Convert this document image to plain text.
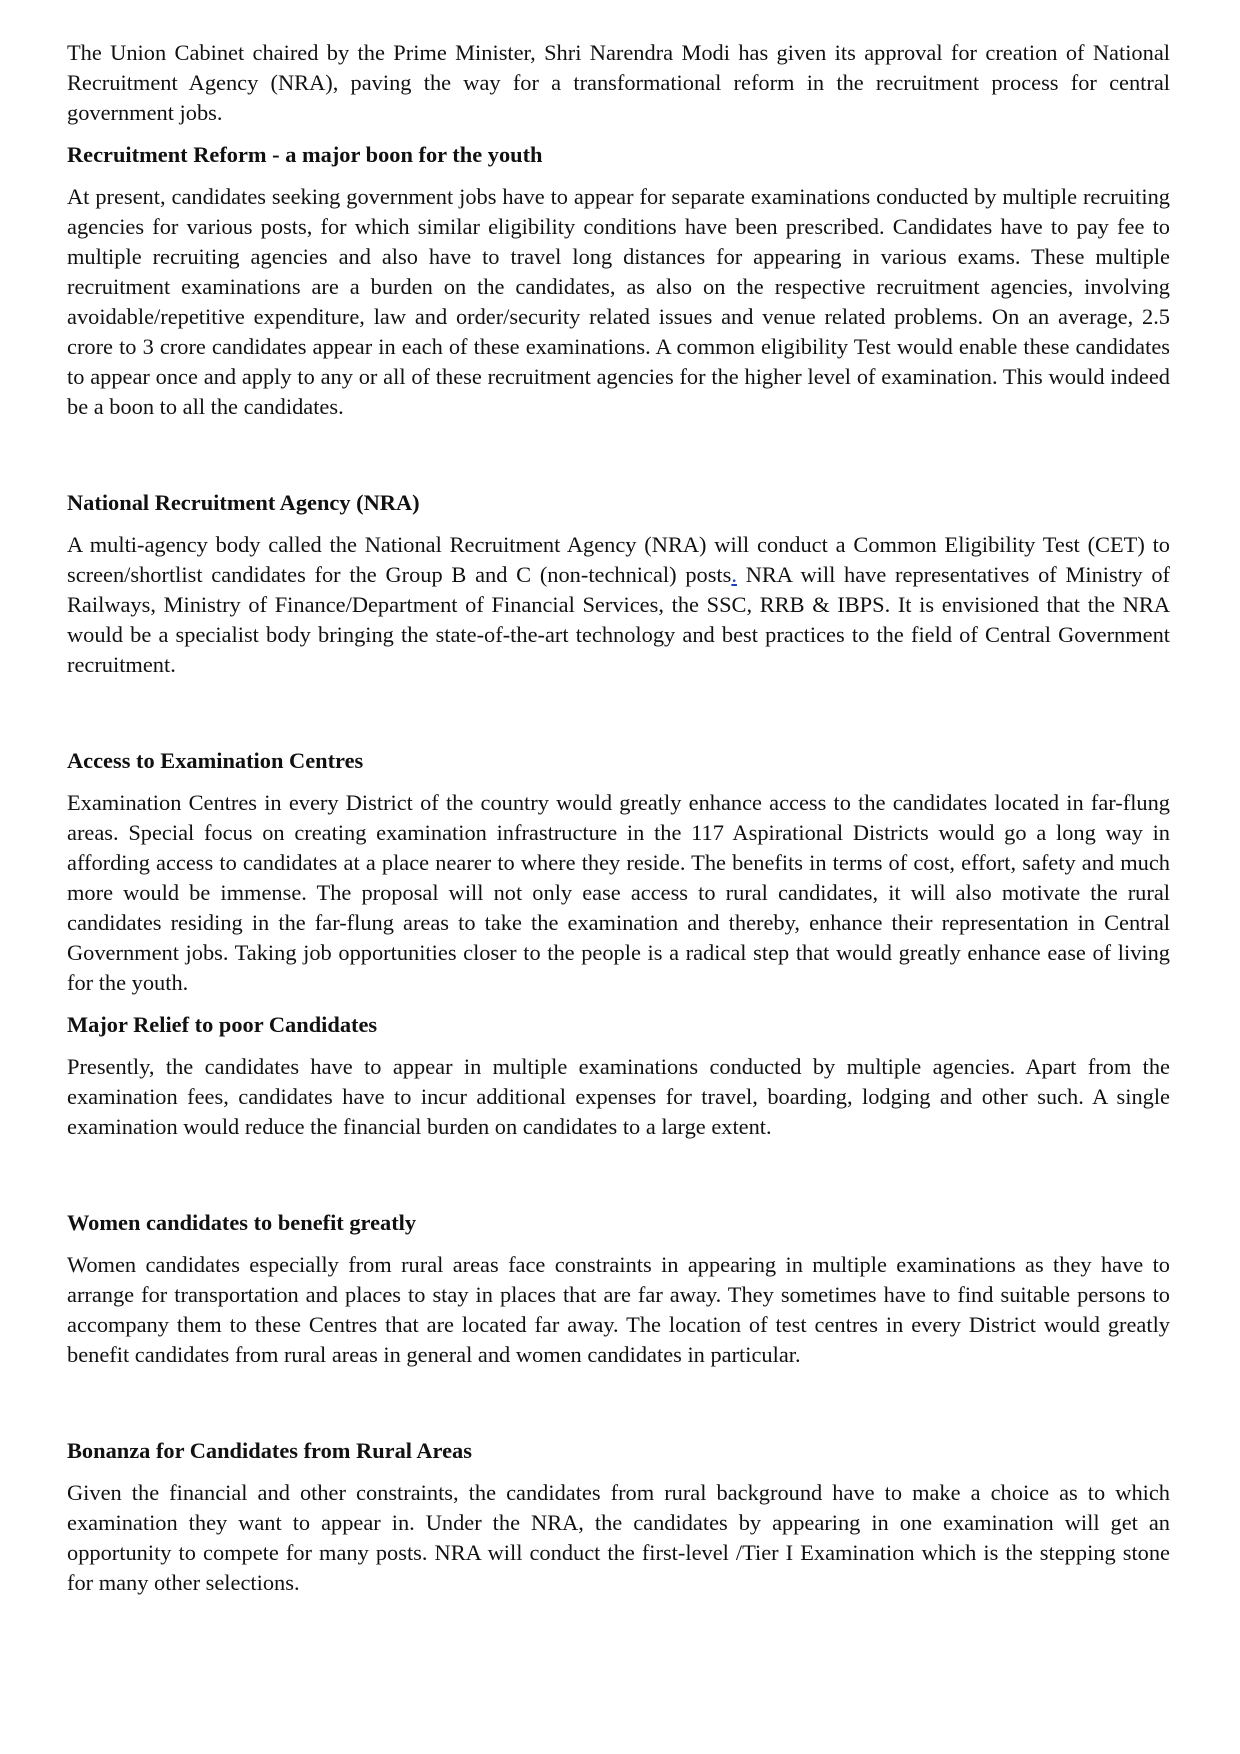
The Union Cabinet chaired by the Prime Minister, Shri Narendra Modi has given its approval for creation of National Recruitment Agency (NRA), paving the way for a transformational reform in the recruitment process for central government jobs.

Recruitment Reform - a major boon for the youth

At present, candidates seeking government jobs have to appear for separate examinations conducted by multiple recruiting agencies for various posts, for which similar eligibility conditions have been prescribed. Candidates have to pay fee to multiple recruiting agencies and also have to travel long distances for appearing in various exams. These multiple recruitment examinations are a burden on the candidates, as also on the respective recruitment agencies, involving avoidable/repetitive expenditure, law and order/security related issues and venue related problems. On an average, 2.5 crore to 3 crore candidates appear in each of these examinations. A common eligibility Test would enable these candidates to appear once and apply to any or all of these recruitment agencies for the higher level of examination. This would indeed be a boon to all the candidates.

National Recruitment Agency (NRA)

A multi-agency body called the National Recruitment Agency (NRA) will conduct a Common Eligibility Test (CET) to screen/shortlist candidates for the Group B and C (non-technical) posts. NRA will have representatives of Ministry of Railways, Ministry of Finance/Department of Financial Services, the SSC, RRB & IBPS. It is envisioned that the NRA would be a specialist body bringing the state-of-the-art technology and best practices to the field of Central Government recruitment.

Access to Examination Centres

Examination Centres in every District of the country would greatly enhance access to the candidates located in far-flung areas. Special focus on creating examination infrastructure in the 117 Aspirational Districts would go a long way in affording access to candidates at a place nearer to where they reside. The benefits in terms of cost, effort, safety and much more would be immense. The proposal will not only ease access to rural candidates, it will also motivate the rural candidates residing in the far-flung areas to take the examination and thereby, enhance their representation in Central Government jobs. Taking job opportunities closer to the people is a radical step that would greatly enhance ease of living for the youth.

Major Relief to poor Candidates

Presently, the candidates have to appear in multiple examinations conducted by multiple agencies. Apart from the examination fees, candidates have to incur additional expenses for travel, boarding, lodging and other such. A single examination would reduce the financial burden on candidates to a large extent.

Women candidates to benefit greatly

Women candidates especially from rural areas face constraints in appearing in multiple examinations as they have to arrange for transportation and places to stay in places that are far away. They sometimes have to find suitable persons to accompany them to these Centres that are located far away. The location of test centres in every District would greatly benefit candidates from rural areas in general and women candidates in particular.

Bonanza for Candidates from Rural Areas

Given the financial and other constraints, the candidates from rural background have to make a choice as to which examination they want to appear in. Under the NRA, the candidates by appearing in one examination will get an opportunity to compete for many posts. NRA will conduct the first-level /Tier I Examination which is the stepping stone for many other selections.
